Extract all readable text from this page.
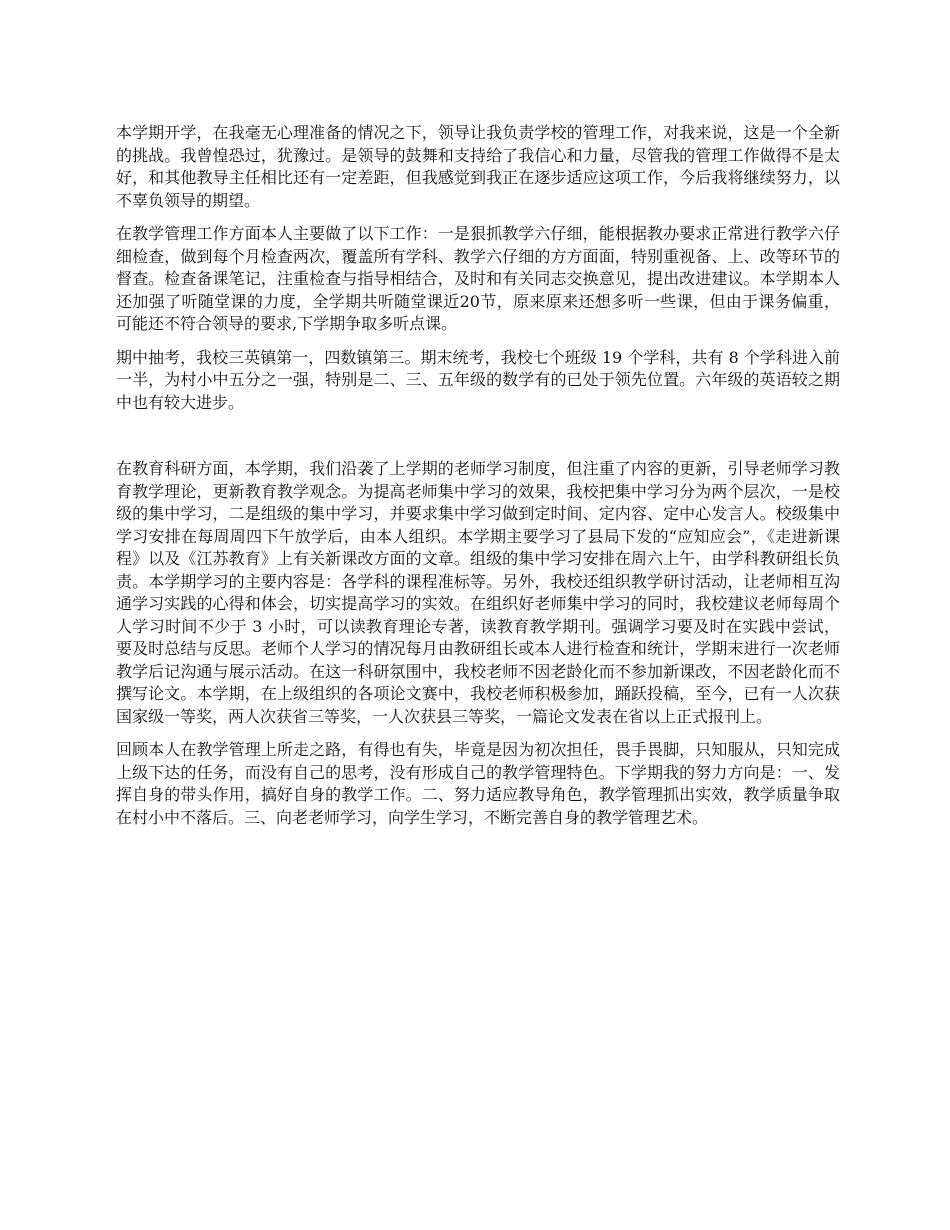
本学期开学，在我毫无心理准备的情况之下，领导让我负责学校的管理工作，对我来说，这是一个全新的挑战。我曾惶恐过，犹豫过。是领导的鼓舞和支持给了我信心和力量，尽管我的管理工作做得不是太好，和其他教导主任相比还有一定差距，但我感觉到我正在逐步适应这项工作，今后我将继续努力，以不辜负领导的期望。

在教学管理工作方面本人主要做了以下工作：一是狠抓教学六仔细，能根据教办要求正常进行教学六仔细检查，做到每个月检查两次，覆盖所有学科、教学六仔细的方方面面，特别重视备、上、改等环节的督查。检查备课笔记，注重检查与指导相结合，及时和有关同志交换意见，提出改进建议。本学期本人还加强了听随堂课的力度，全学期共听随堂课近20节，原来原来还想多听一些课，但由于课务偏重，可能还不符合领导的要求,下学期争取多听点课。

期中抽考，我校三英镇第一，四数镇第三。期末统考，我校七个班级 19 个学科，共有 8 个学科进入前一半，为村小中五分之一强，特别是二、三、五年级的数学有的已处于领先位置。六年级的英语较之期中也有较大进步。

在教育科研方面，本学期，我们沿袭了上学期的老师学习制度，但注重了内容的更新，引导老师学习教育教学理论，更新教育教学观念。为提高老师集中学习的效果，我校把集中学习分为两个层次，一是校级的集中学习，二是组级的集中学习，并要求集中学习做到定时间、定内容、定中心发言人。校级集中学习安排在每周周四下午放学后，由本人组织。本学期主要学习了县局下发的“应知应会”，《走进新课程》以及《江苏教育》上有关新课改方面的文章。组级的集中学习安排在周六上午，由学科教研组长负责。本学期学习的主要内容是：各学科的课程准标等。另外，我校还组织教学研讨活动，让老师相互沟通学习实践的心得和体会，切实提高学习的实效。在组织好老师集中学习的同时，我校建议老师每周个人学习时间不少于 3 小时，可以读教育理论专著，读教育教学期刊。强调学习要及时在实践中尝试，要及时总结与反思。老师个人学习的情况每月由教研组长或本人进行检查和统计，学期末进行一次老师教学后记沟通与展示活动。在这一科研氛围中，我校老师不因老龄化而不参加新课改，不因老龄化而不撰写论文。本学期，在上级组织的各项论文赛中，我校老师积极参加，踊跃投稿，至今，已有一人次获国家级一等奖，两人次获省三等奖，一人次获县三等奖，一篇论文发表在省以上正式报刊上。

回顾本人在教学管理上所走之路，有得也有失，毕竟是因为初次担任，畏手畏脚，只知服从，只知完成上级下达的任务，而没有自己的思考，没有形成自己的教学管理特色。下学期我的努力方向是：一、发挥自身的带头作用，搞好自身的教学工作。二、努力适应教导角色，教学管理抓出实效，教学质量争取在村小中不落后。三、向老老师学习，向学生学习，不断完善自身的教学管理艺术。
